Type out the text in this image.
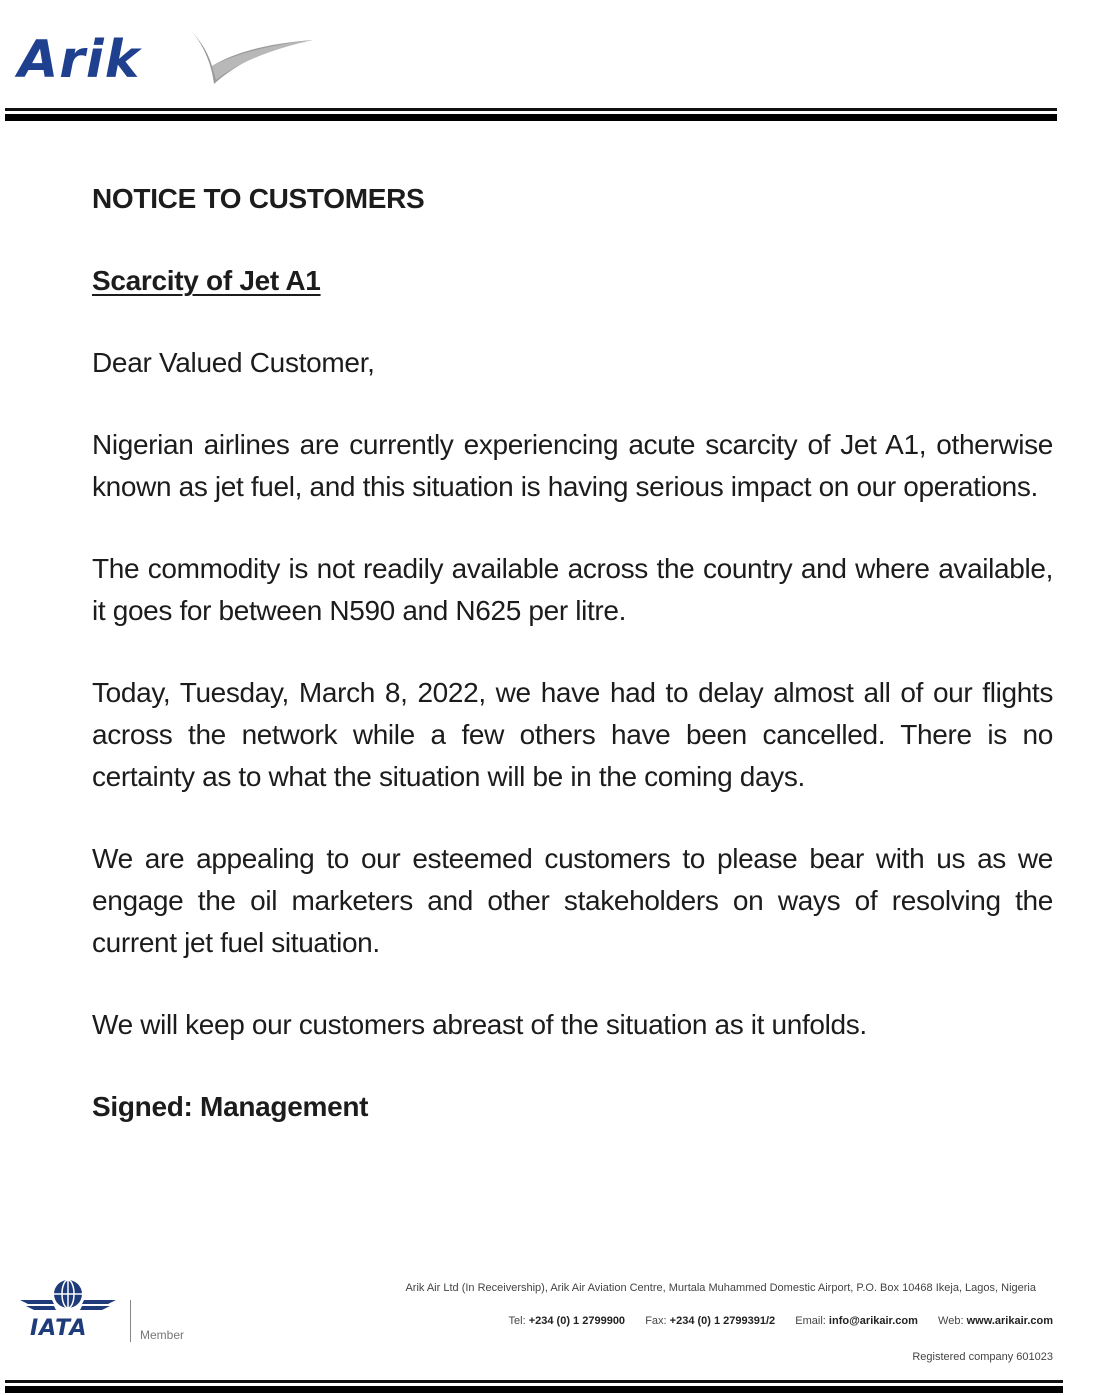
Arik
NOTICE TO CUSTOMERS
Scarcity of Jet A1

Dear Valued Customer,

Nigerian airlines are currently experiencing acute scarcity of Jet A1, otherwise known as jet fuel, and this situation is having serious impact on our operations.

The commodity is not readily available across the country and where available, it goes for between N590 and N625 per litre.

Today, Tuesday, March 8, 2022, we have had to delay almost all of our flights across the network while a few others have been cancelled. There is no certainty as to what the situation will be in the coming days.

We are appealing to our esteemed customers to please bear with us as we engage the oil marketers and other stakeholders on ways of resolving the current jet fuel situation.

We will keep our customers abreast of the situation as it unfolds.

Signed: Management

IATA	Member
Arik Air Ltd (In Receivership), Arik Air Aviation Centre, Murtala Muhammed Domestic Airport, P.O. Box 10468 Ikeja, Lagos, Nigeria
Tel: +234 (0) 1 2799900 Fax: +234 (0) 1 2799391/2 Email: info@arikair.com Web: www.arikair.com
Registered company 601023
